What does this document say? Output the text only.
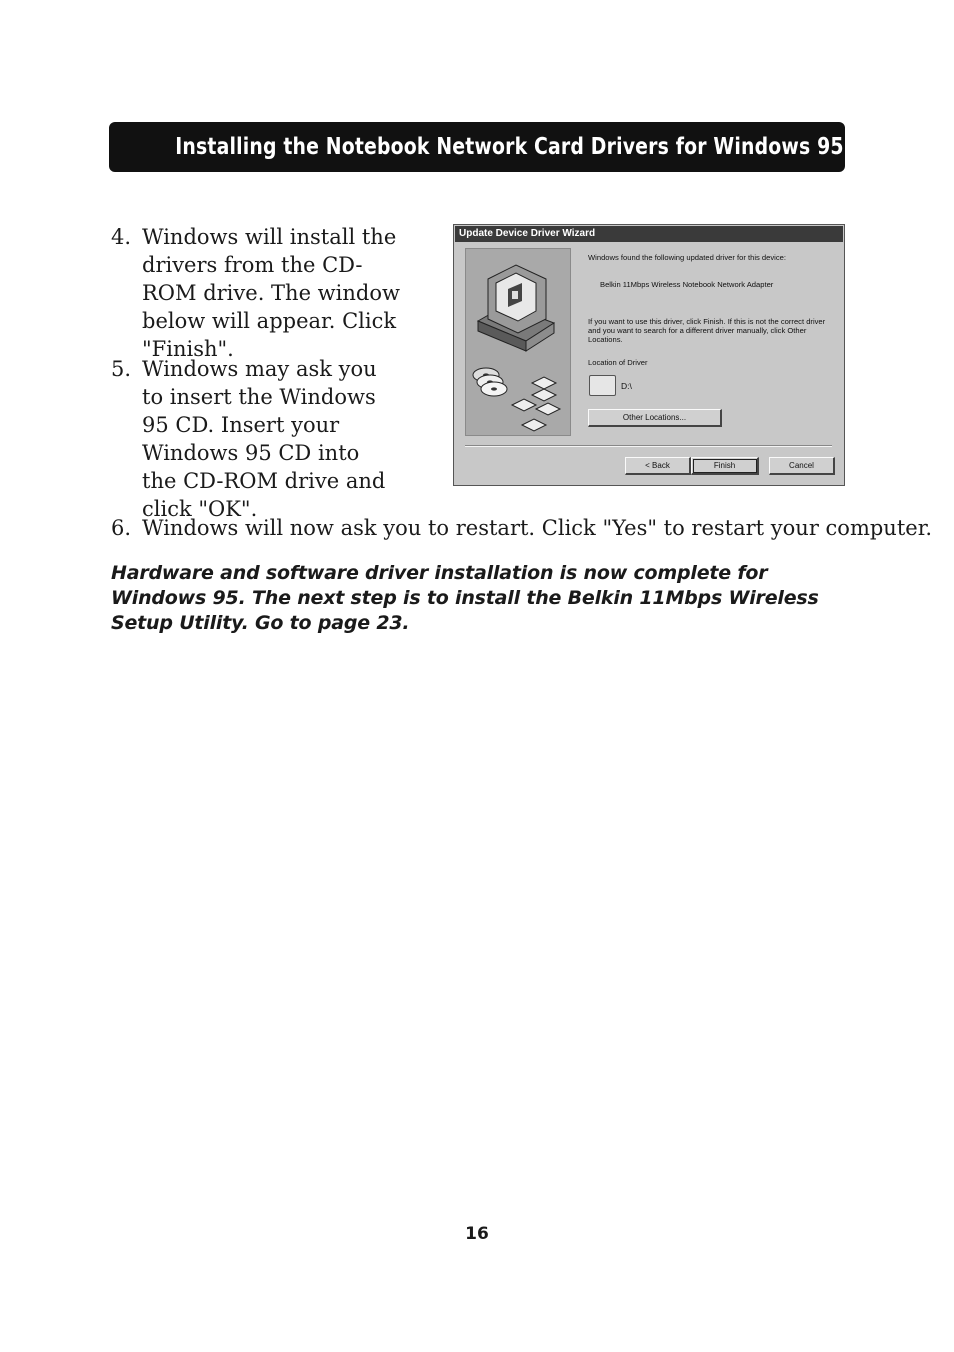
Installing the Notebook Network Card Drivers for Windows 95
4. Windows will install the drivers from the CD-ROM drive. The window below will appear. Click "Finish".
5. Windows may ask you to insert the Windows 95 CD. Insert your Windows 95 CD into the CD-ROM drive and click "OK".
Update Device Driver Wizard
Windows found the following updated driver for this device:
Belkin 11Mbps Wireless Notebook Network Adapter
If you want to use this driver, click Finish. If this is not the correct driver and you want to search for a different driver manually, click Other Locations.
Location of Driver
D:\
Other Locations...
< Back	Finish	Cancel
6. Windows will now ask you to restart. Click "Yes" to restart your computer.
Hardware and software driver installation is now complete for Windows 95. The next step is to install the Belkin 11Mbps Wireless Setup Utility. Go to page 23.
16
